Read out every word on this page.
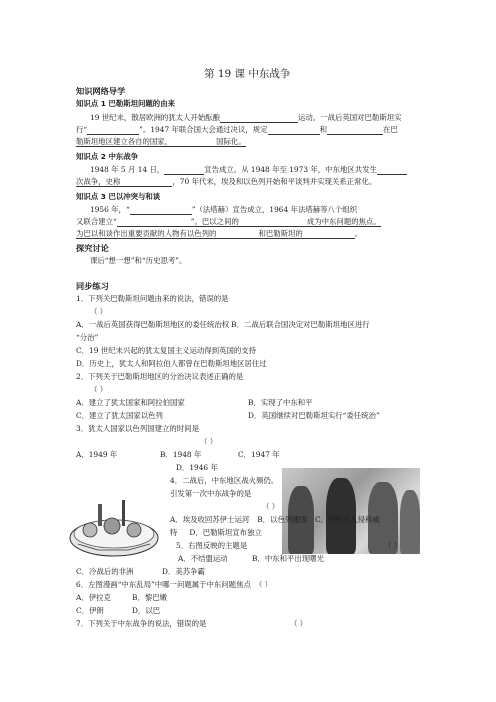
第 19 课 中东战争
知识网络导学
知识点 1 巴勒斯坦问题的由来
19 世纪末，散居欧洲的犹太人开始酝酿	运动。一战后英国对巴勒斯坦实
行“	”。1947 年联合国大会通过决议，规定	和	在巴
勒斯坦地区建立各自的国家，	国际化。
知识点 2 中东战争
1948 年 5 月 14 日，	宣告成立。从 1948 年至 1973 年，中东地区共发生
次战争，史称	，70 年代末，埃及和以色列开始和平谈判并实现关系正常化。
知识点 3 巴以冲突与和谈
1956 年，“	”（法塔赫）宣告成立，1964 年法塔赫等八个组织
又联合建立“	”。巴以之间的	成为中东问题的焦点。
为巴以和谈作出重要贡献的人物有以色列的	和巴勒斯坦的	。
探究讨论
课后“想一想”和“历史思考”。
同步练习
1．下列关巴勒斯坦问题由来的说法，错误的是
（ ）
A．一战后英国获得巴勒斯坦地区的委任统治权 B．二战后联合国决定对巴勒斯坦地区进行
“分治”
C．19 世纪末兴起的犹太复国主义运动得到英国的支持
D．历史上，犹太人和阿拉伯人都曾在巴勒斯坦地区居住过
2．下列关于巴勒斯坦地区的分治决议表述正确的是
（ ）
A．建立了犹太国家和阿拉伯国家	B．实现了中东和平
C．建立了犹太国家以色列	D．英国继续对巴勒斯坦实行“委任统治”
3．犹太人国家以色列国建立的时间是
（ ）
A．1949 年	B．1948 年	C．1947 年
D．1946 年
4．二战后，中东地区战火频仍。
引发第一次中东战争的是
（ ）
A．埃及收回苏伊士运河 B．以色列建国 C．伊拉克入侵科威
特 D．巴勒斯坦宣布独立
5．右图反映的主题是	（ ）
A．不结盟运动	B．中东和平出现曙光
C．冷战后的非洲	D．美苏争霸
6．左图漫画“中东乱局”中哪一问题属于中东问题焦点 （ ）
A．伊拉克	B．黎巴嫩
C．伊朗	D．以巴
7．下列关于中东战争的说法，错误的是	（ ）
